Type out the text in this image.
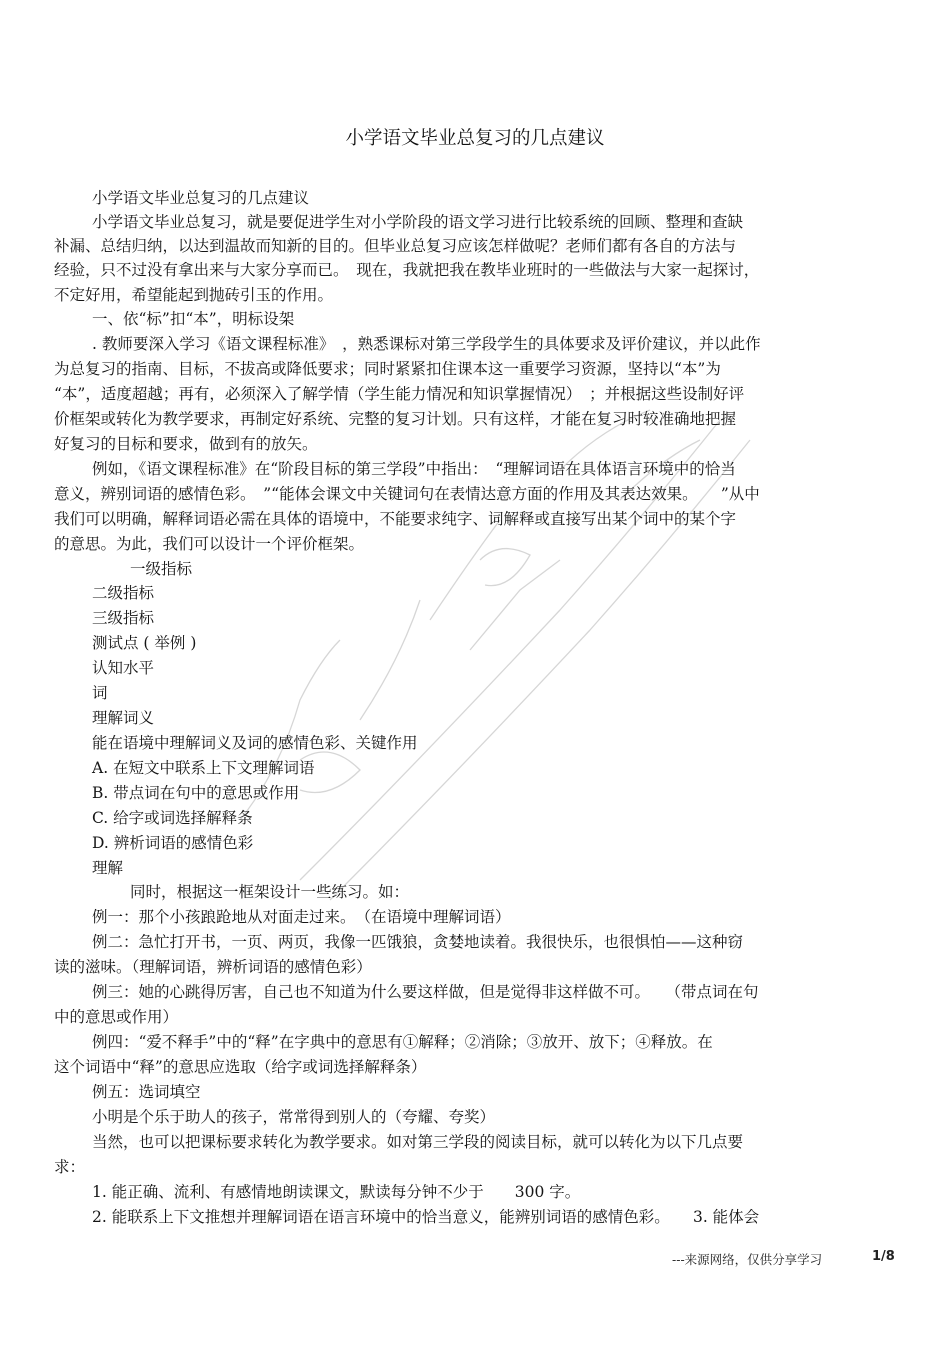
小学语文毕业总复习的几点建议
小学语文毕业总复习的几点建议
小学语文毕业总复习，就是要促进学生对小学阶段的语文学习进行比较系统的回顾、整理和查缺
补漏、总结归纳，以达到温故而知新的目的。但毕业总复习应该怎样做呢？老师们都有各自的方法与
经验，只不过没有拿出来与大家分享而已。　现在，我就把我在教毕业班时的一些做法与大家一起探讨，
不定好用，希望能起到抛砖引玉的作用。
一、依“标”扣“本”，明标设架
. 教师要深入学习《语文课程标准》　，熟悉课标对第三学段学生的具体要求及评价建议，并以此作
为总复习的指南、目标，不拔高或降低要求；同时紧紧扣住课本这一重要学习资源，坚持以“本”为
“本”，适度超越；再有，必须深入了解学情（学生能力情况和知识掌握情况）　；并根据这些设制好评
价框架或转化为教学要求，再制定好系统、完整的复习计划。只有这样，才能在复习时较准确地把握
好复习的目标和要求，做到有的放矢。
例如，《语文课程标准》在“阶段目标的第三学段”中指出：　“理解词语在具体语言环境中的恰当
意义，辨别词语的感情色彩。　”“能体会课文中关键词句在表情达意方面的作用及其表达效果。　　”从中
我们可以明确，解释词语必需在具体的语境中，不能要求纯字、词解释或直接写出某个词中的某个字
的意思。为此，我们可以设计一个评价框架。
一级指标
二级指标
三级指标
测试点 ( 举例 )
认知水平
词
理解词义
能在语境中理解词义及词的感情色彩、关键作用
A. 在短文中联系上下文理解词语
B. 带点词在句中的意思或作用
C. 给字或词选择解释条
D. 辨析词语的感情色彩
理解
同时，根据这一框架设计一些练习。如：
例一：那个小孩踉跄地从对面走过来。　（在语境中理解词语）
例二：急忙打开书，一页、两页，我像一匹饿狼，贪婪地读着。我很快乐，也很惧怕——这种窃
读的滋味。（理解词语，辨析词语的感情色彩）
例三：她的心跳得厉害，自己也不知道为什么要这样做，但是觉得非这样做不可。　　（带点词在句
中的意思或作用）
例四：“爱不释手”中的“释”在字典中的意思有①解释；②消除；③放开、放下；④释放。在
这个词语中“释”的意思应选取（给字或词选择解释条）
例五：选词填空
小明是个乐于助人的孩子，常常得到别人的（夸耀、夸奖）
当然，也可以把课标要求转化为教学要求。如对第三学段的阅读目标，就可以转化为以下几点要
求：
1. 能正确、流利、有感情地朗读课文，默读每分钟不少于　　300 字。
2. 能联系上下文推想并理解词语在语言环境中的恰当意义，能辨别词语的感情色彩。　　3. 能体会
---来源网络，仅供分享学习	1/8
